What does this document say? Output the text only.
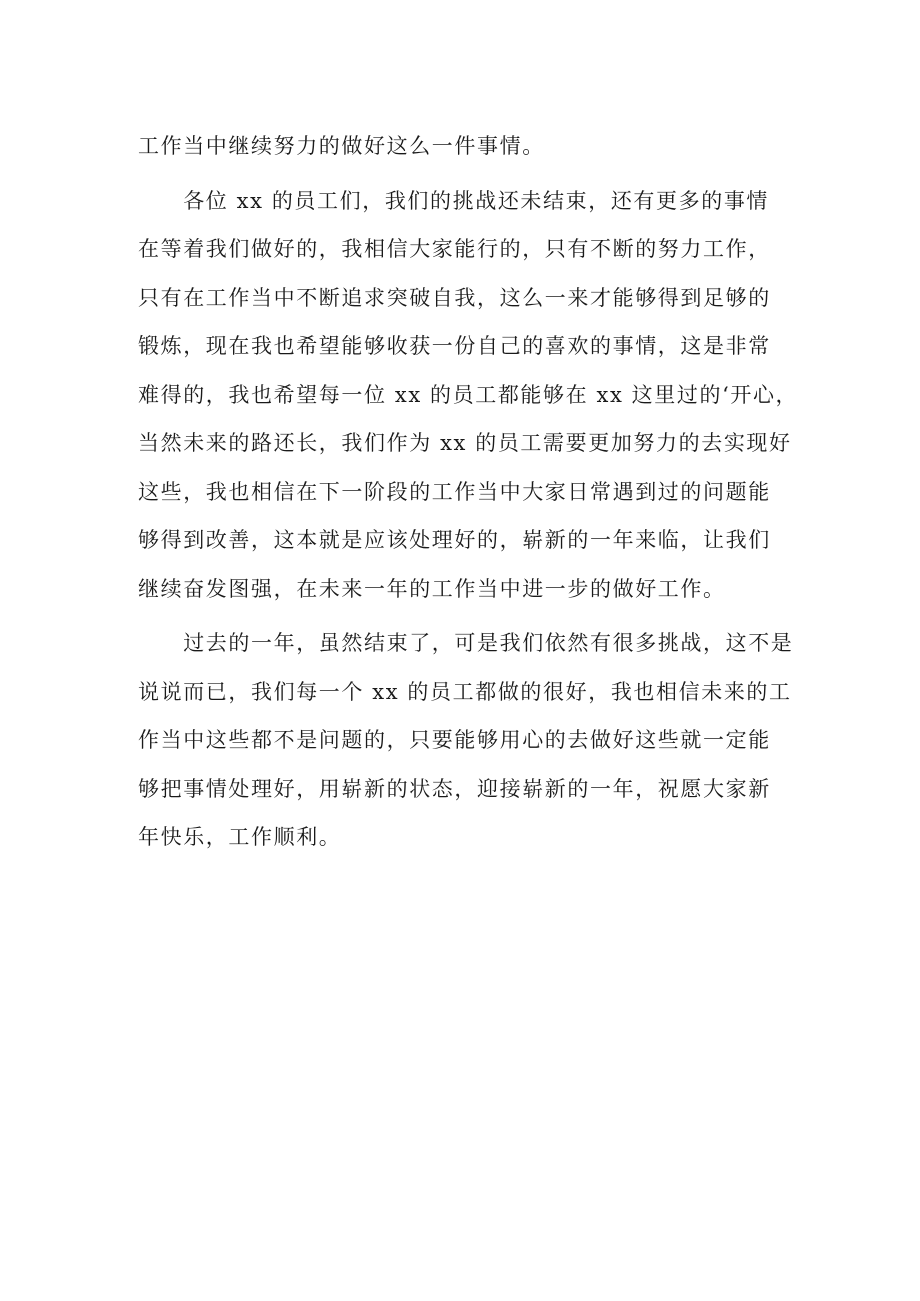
工作当中继续努力的做好这么一件事情。
　　各位 xx 的员工们，我们的挑战还未结束，还有更多的事情
在等着我们做好的，我相信大家能行的，只有不断的努力工作，
只有在工作当中不断追求突破自我，这么一来才能够得到足够的
锻炼，现在我也希望能够收获一份自己的喜欢的事情，这是非常
难得的，我也希望每一位 xx 的员工都能够在 xx 这里过的‘开心，
当然未来的路还长，我们作为 xx 的员工需要更加努力的去实现好
这些，我也相信在下一阶段的工作当中大家日常遇到过的问题能
够得到改善，这本就是应该处理好的，崭新的一年来临，让我们
继续奋发图强，在未来一年的工作当中进一步的做好工作。
　　过去的一年，虽然结束了，可是我们依然有很多挑战，这不是
说说而已，我们每一个 xx 的员工都做的很好，我也相信未来的工
作当中这些都不是问题的，只要能够用心的去做好这些就一定能
够把事情处理好，用崭新的状态，迎接崭新的一年，祝愿大家新
年快乐，工作顺利。
